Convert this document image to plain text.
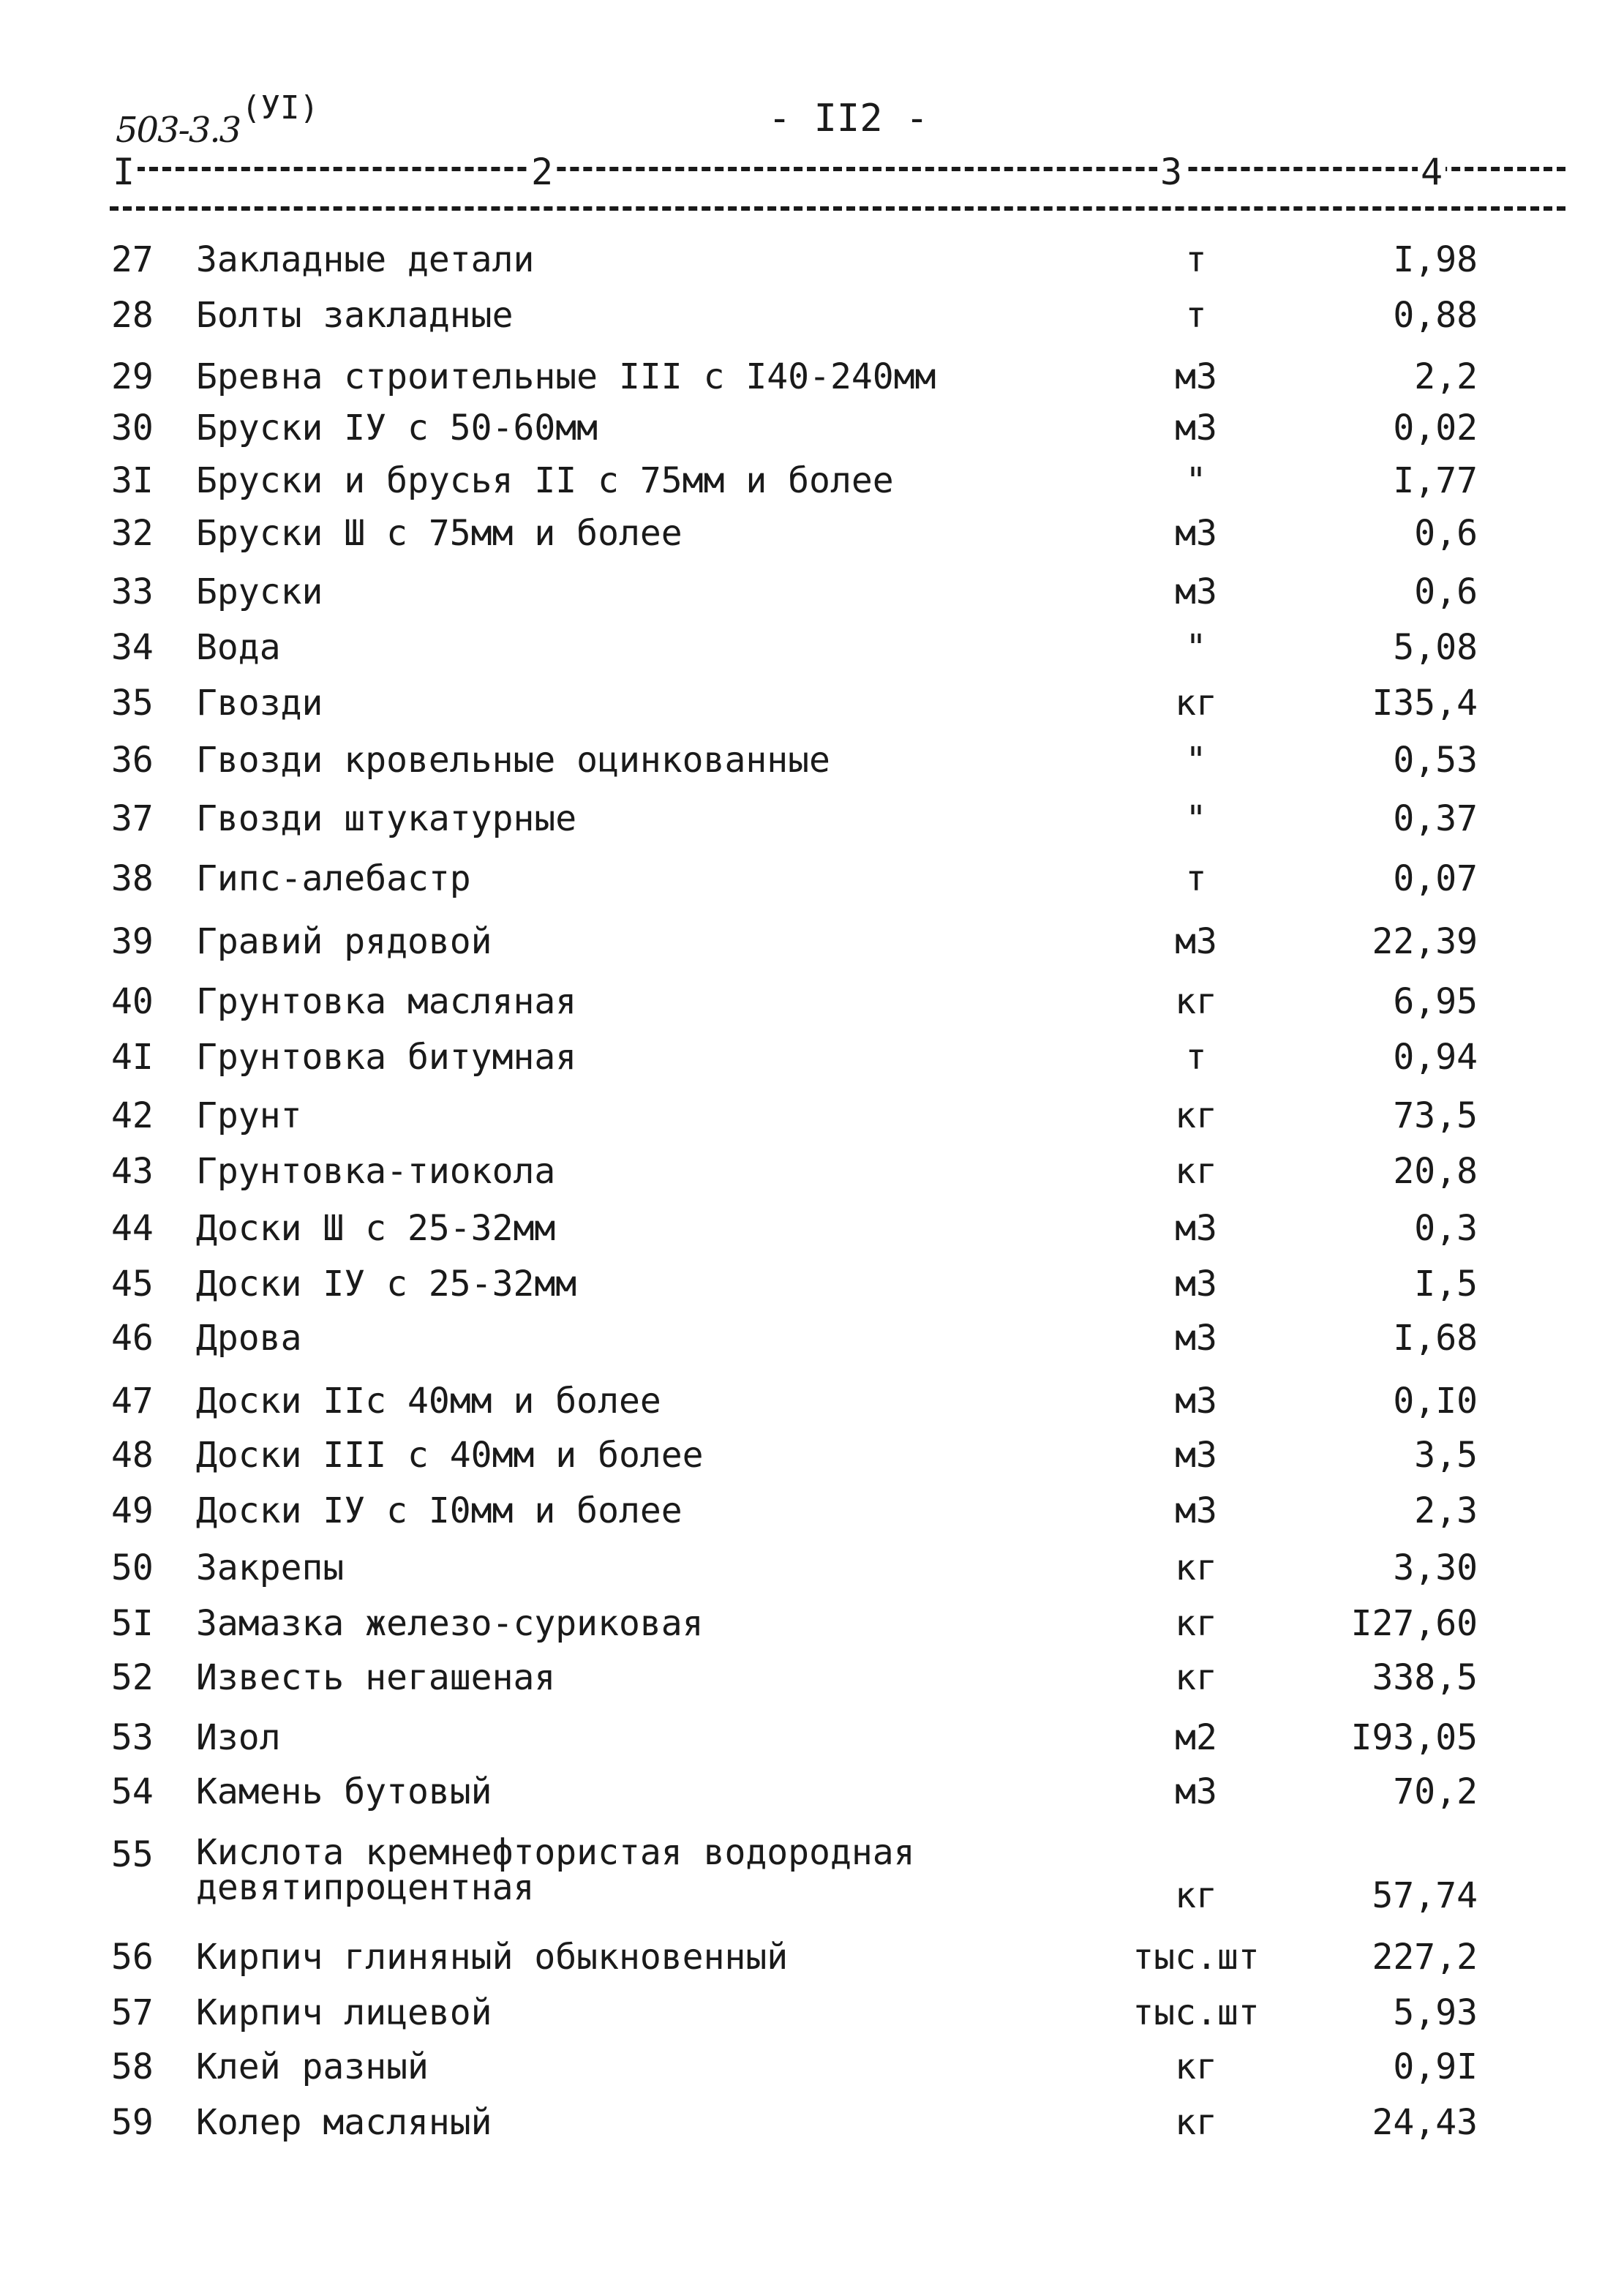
503-3.3
(УI)	- II2 -
I	2	3	4
27	Закладные детали	т	I,98
28	Болты закладные	т	0,88
29	Бревна строительные III с I40-240мм	м3	2,2
30	Бруски IУ с 50-60мм	м3	0,02
3I	Бруски и брусья II с 75мм и более	"	I,77
32	Бруски Ш с 75мм и более	м3	0,6
33	Бруски	м3	0,6
34	Вода	"	5,08
35	Гвозди	кг	I35,4
36	Гвозди кровельные оцинкованные	"	0,53
37	Гвозди штукатурные	"	0,37
38	Гипс-алебастр	т	0,07
39	Гравий рядовой	м3	22,39
40	Грунтовка масляная	кг	6,95
4I	Грунтовка битумная	т	0,94
42	Грунт	кг	73,5
43	Грунтовка-тиокола	кг	20,8
44	Доски Ш с 25-32мм	м3	0,3
45	Доски IУ с 25-32мм	м3	I,5
46	Дрова	м3	I,68
47	Доски IIс 40мм и более	м3	0,I0
48	Доски III с 40мм и более	м3	3,5
49	Доски IУ с I0мм и более	м3	2,3
50	Закрепы	кг	3,30
5I	Замазка железо-суриковая	кг	I27,60
52	Известь негашеная	кг	338,5
53	Изол	м2	I93,05
54	Камень бутовый	м3	70,2
55	Кислота кремнефтористая водородная девятипроцентная	кг	57,74
56	Кирпич глиняный обыкновенный	тыс.шт	227,2
57	Кирпич лицевой	тыс.шт	5,93
58	Клей разный	кг	0,9I
59	Колер масляный	кг	24,43
